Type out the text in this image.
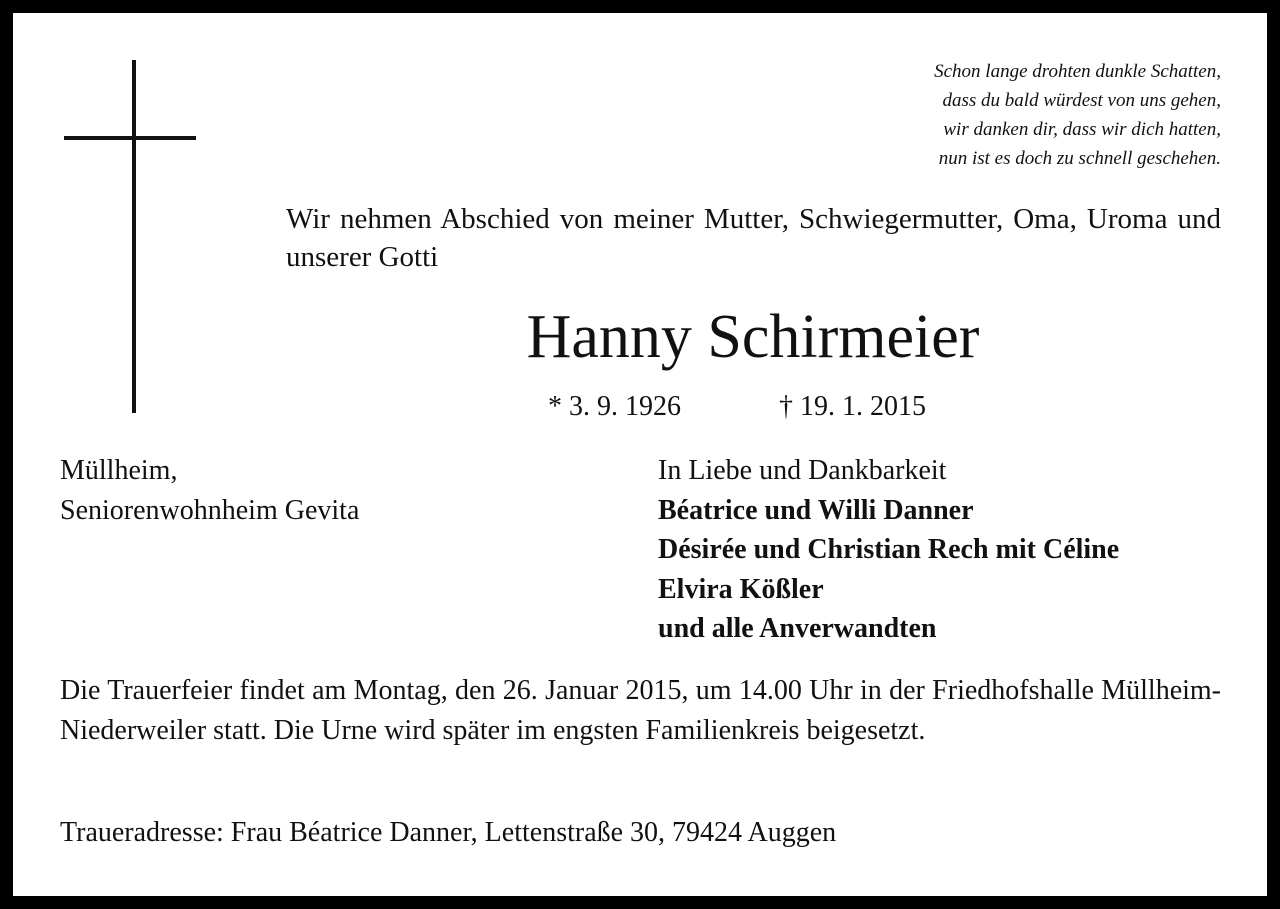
Schon lange drohten dunkle Schatten,
dass du bald würdest von uns gehen,
wir danken dir, dass wir dich hatten,
nun ist es doch zu schnell geschehen.
Wir nehmen Abschied von meiner Mutter, Schwiegermutter, Oma, Uroma und unserer Gotti
Hanny Schirmeier
* 3. 9. 1926	† 19. 1. 2015
Müllheim,
Seniorenwohnheim Gevita
In Liebe und Dankbarkeit
Béatrice und Willi Danner
Désirée und Christian Rech mit Céline
Elvira Kößler
und alle Anverwandten
Die Trauerfeier findet am Montag, den 26. Januar 2015, um 14.00 Uhr in der Friedhofshalle Müllheim-Niederweiler statt. Die Urne wird später im engsten Familienkreis beigesetzt.
Traueradresse: Frau Béatrice Danner, Lettenstraße 30, 79424 Auggen
